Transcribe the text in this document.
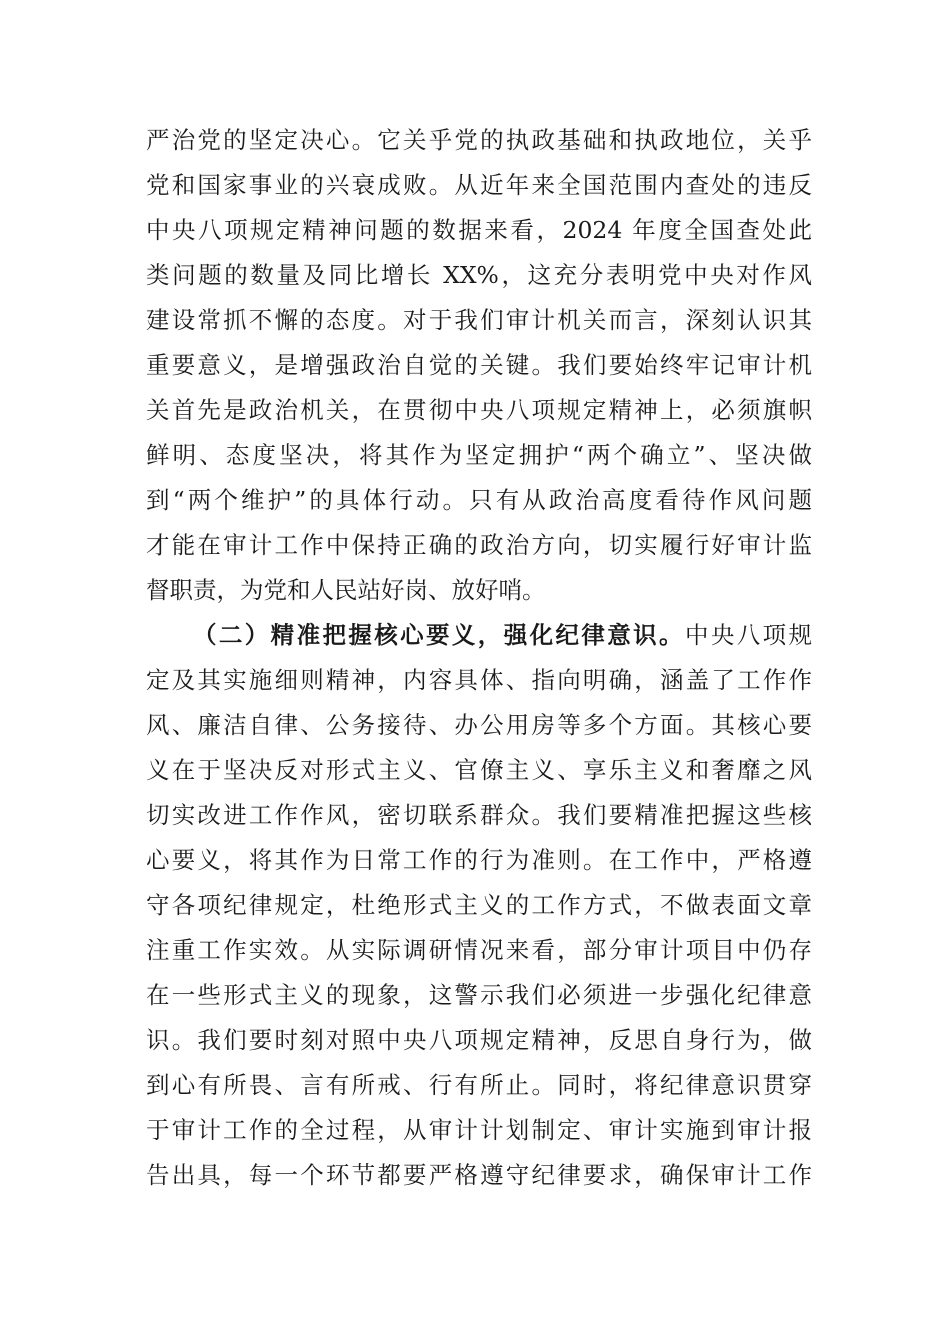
严治党的坚定决心。它关乎党的执政基础和执政地位，关乎
党和国家事业的兴衰成败。从近年来全国范围内查处的违反
中央八项规定精神问题的数据来看，2024 年度全国查处此
类问题的数量及同比增长 XX%，这充分表明党中央对作风
建设常抓不懈的态度。对于我们审计机关而言，深刻认识其
重要意义，是增强政治自觉的关键。我们要始终牢记审计机
关首先是政治机关，在贯彻中央八项规定精神上，必须旗帜
鲜明、态度坚决，将其作为坚定拥护“两个确立”、坚决做
到“两个维护”的具体行动。只有从政治高度看待作风问题
才能在审计工作中保持正确的政治方向，切实履行好审计监
督职责，为党和人民站好岗、放好哨。
（二）精准把握核心要义，强化纪律意识。中央八项规
定及其实施细则精神，内容具体、指向明确，涵盖了工作作
风、廉洁自律、公务接待、办公用房等多个方面。其核心要
义在于坚决反对形式主义、官僚主义、享乐主义和奢靡之风
切实改进工作作风，密切联系群众。我们要精准把握这些核
心要义，将其作为日常工作的行为准则。在工作中，严格遵
守各项纪律规定，杜绝形式主义的工作方式，不做表面文章
注重工作实效。从实际调研情况来看，部分审计项目中仍存
在一些形式主义的现象，这警示我们必须进一步强化纪律意
识。我们要时刻对照中央八项规定精神，反思自身行为，做
到心有所畏、言有所戒、行有所止。同时，将纪律意识贯穿
于审计工作的全过程，从审计计划制定、审计实施到审计报
告出具，每一个环节都要严格遵守纪律要求，确保审计工作
